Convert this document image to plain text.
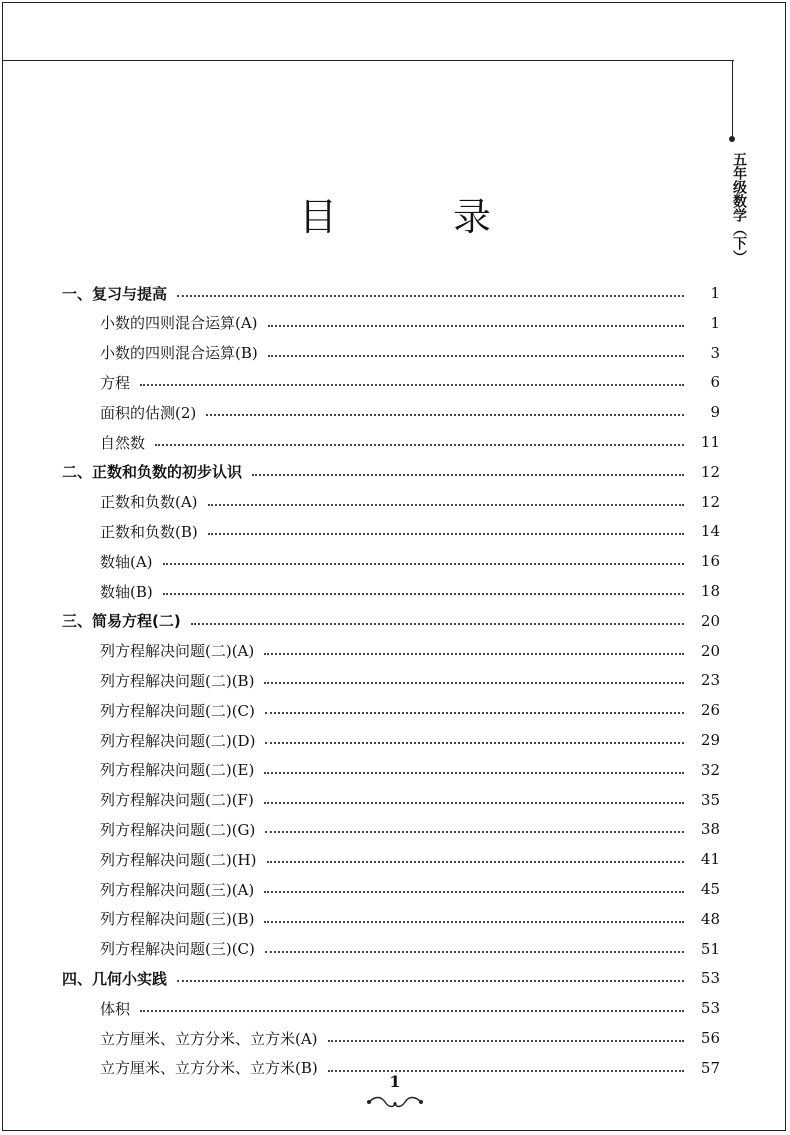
五年级数学（下）
目 录
一、复习与提高	1
小数的四则混合运算(A)	1
小数的四则混合运算(B)	3
方程	6
面积的估测(2)	9
自然数	11
二、正数和负数的初步认识	12
正数和负数(A)	12
正数和负数(B)	14
数轴(A)	16
数轴(B)	18
三、简易方程(二)	20
列方程解决问题(二)(A)	20
列方程解决问题(二)(B)	23
列方程解决问题(二)(C)	26
列方程解决问题(二)(D)	29
列方程解决问题(二)(E)	32
列方程解决问题(二)(F)	35
列方程解决问题(二)(G)	38
列方程解决问题(二)(H)	41
列方程解决问题(三)(A)	45
列方程解决问题(三)(B)	48
列方程解决问题(三)(C)	51
四、几何小实践	53
体积	53
立方厘米、立方分米、立方米(A)	56
立方厘米、立方分米、立方米(B)	57
1
